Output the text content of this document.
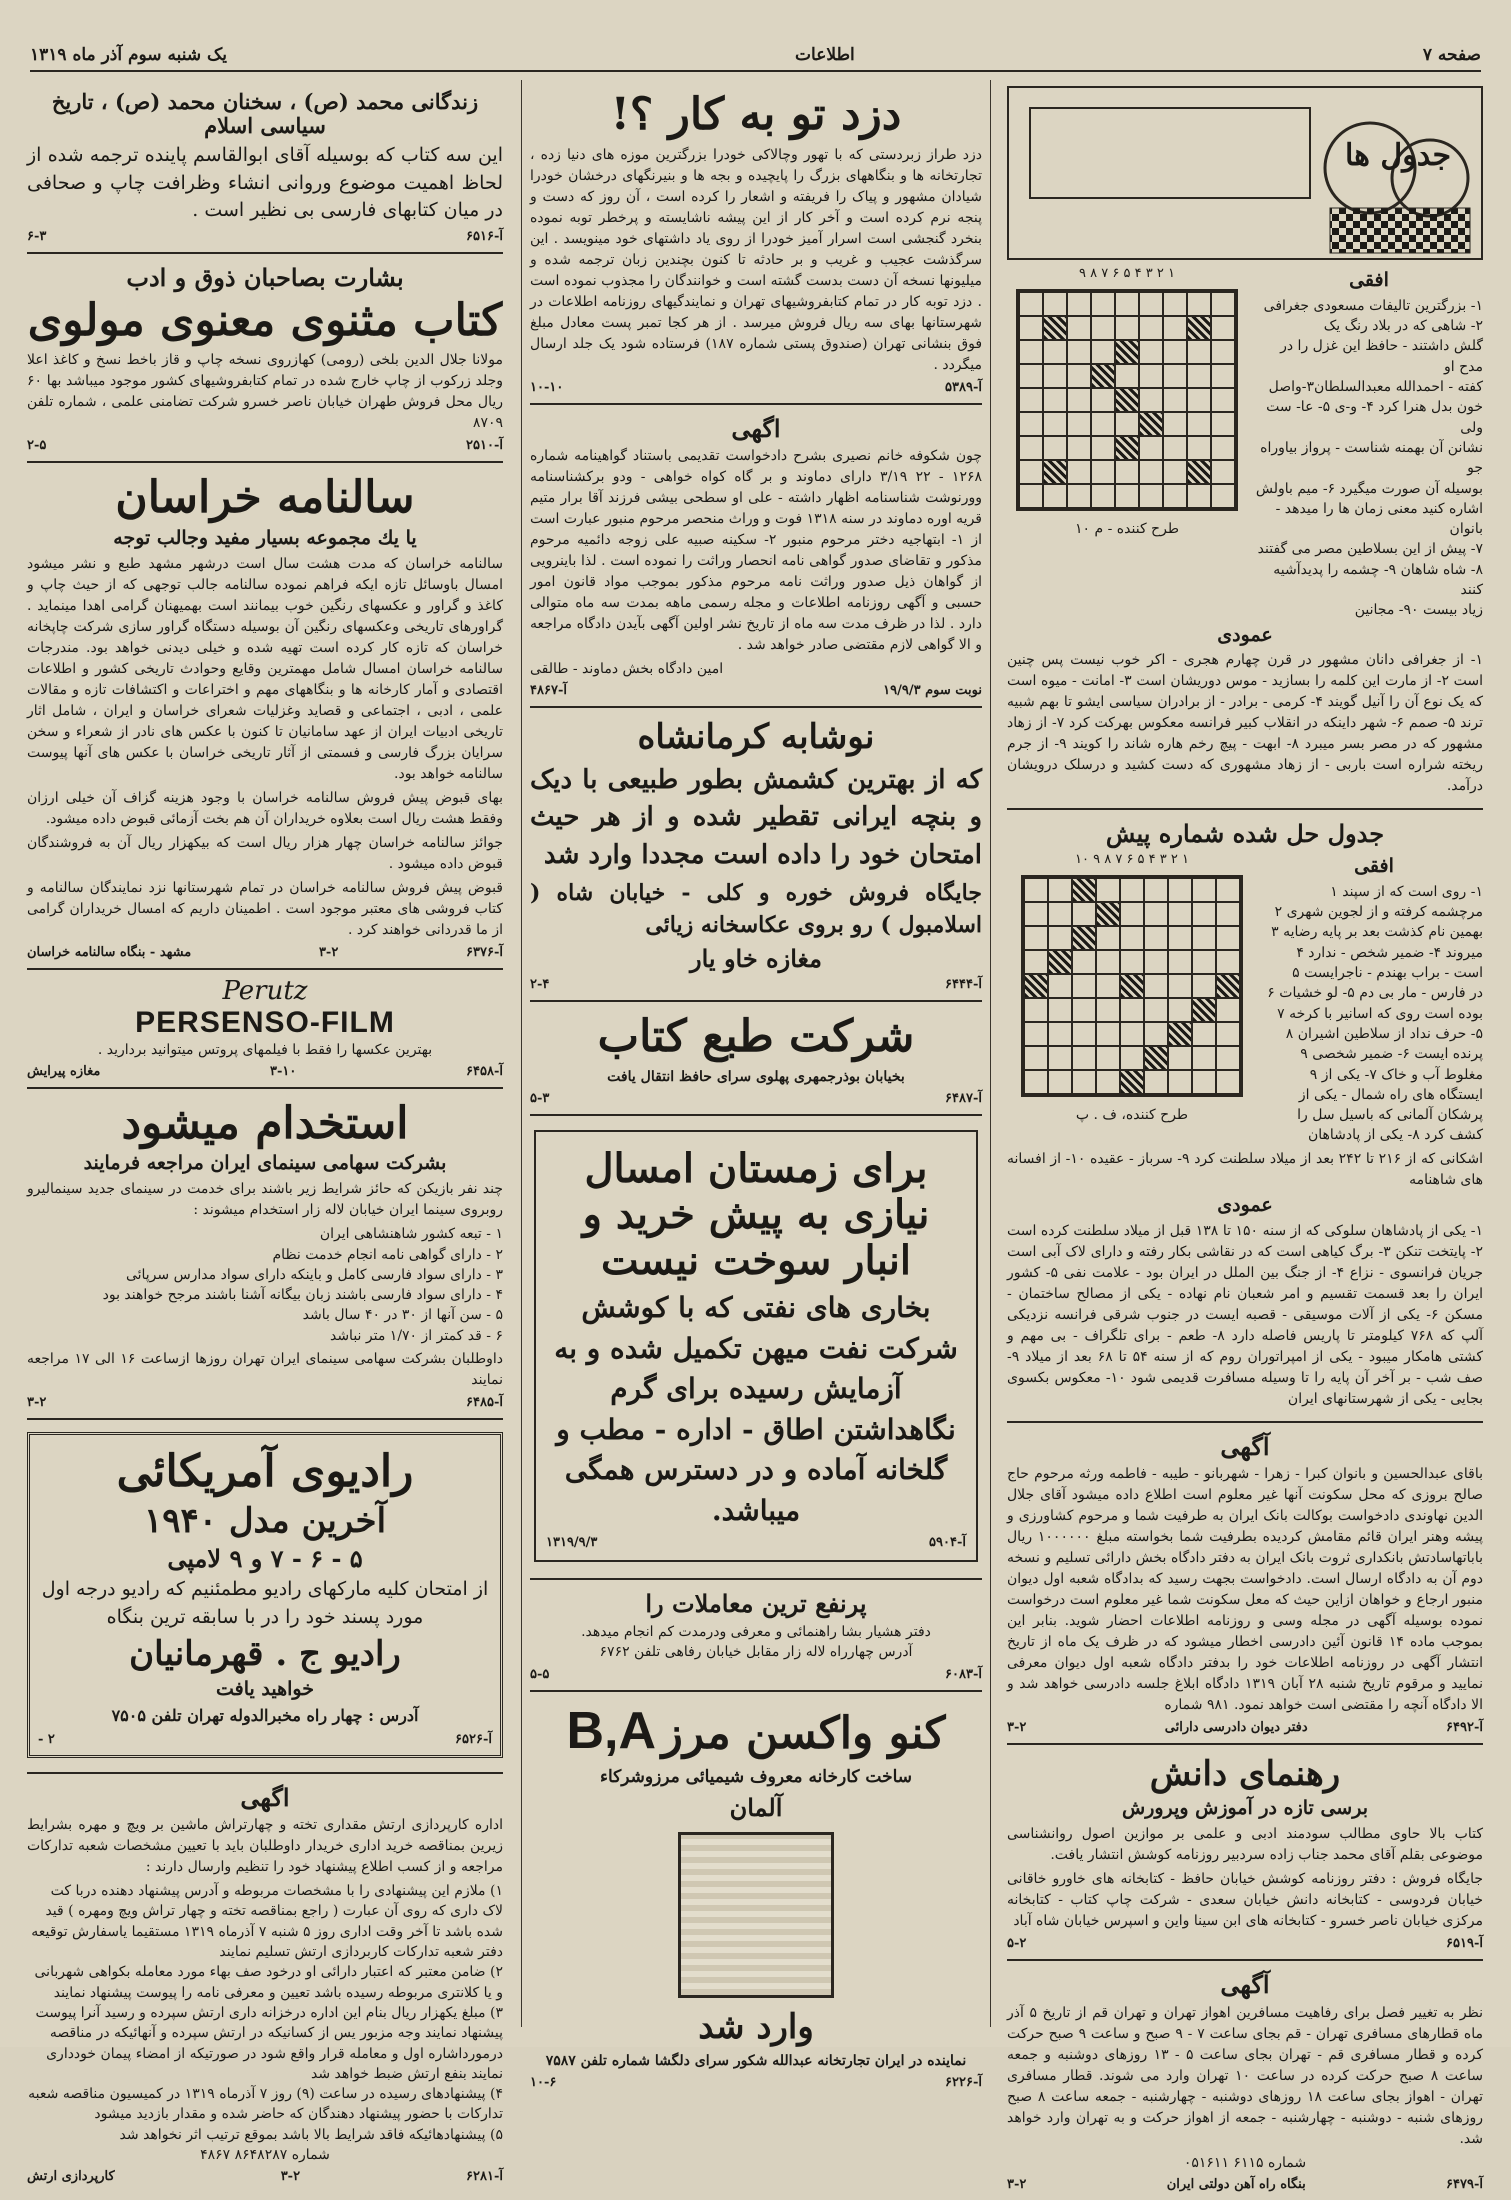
صفحه ۷
اطلاعات
یک شنبه سوم آذر ماه ۱۳۱۹
جدول ها
افقی
۱- بزرگترین تالیفات مسعودی جغرافی
۲- شاهی که در بلاد رنگ یک
گلش داشتند - حافظ این غزل را در مدح او
کفته - احمدالله معبدالسلطان۳-واصل
خون بدل هنرا کرد ۴- و-ی ۵- عا- ست ولی
نشانن آن بهمنه شناست - پرواز بیاوراه جو
بوسیله آن صورت میگیرد ۶- میم باولش
اشاره کنید معنی زمان ها را میدهد - بانوان
۷- پیش از این بسلاطین مصر می گفتند
۸- شاه شاهان ۹- چشمه را پدیدآشیه کنند
زیاد بیست ۹۰- مجانین
۹ ۸ ۷ ۶ ۵ ۴ ۳ ۲ ۱
طرح کننده - م ۱۰
عمودی
۱- از جغرافی دانان مشهور در قرن چهارم هجری - اکر خوب نیست پس چنین است ۲- از مارت این کلمه را بسازید - موس دوریشان است ۳- امانت - میوه است که یک نوع آن را آنیل گویند ۴- کرمی - برادر - از برادران سیاسی ایشو تا بهم شبیه ترند ۵- صمم ۶- شهر داینکه در انقلاب کبیر فرانسه معکوس بهرکت کرد ۷- از زهاد مشهور که در مصر بسر میبرد ۸- ابهت - پیچ رخم هاره شاند را کویند ۹- از جرم ریخته شراره است باربی - از زهاد مشهوری که دست کشید و درسلک درویشان درآمد.
جدول حل شده شماره پیش
افقی
۱- روی است که از سپند ۱
مرچشمه کرفته و از لجوین شهری ۲
بهمین نام کذشت بعد بر پایه رضایه ۳
میروند ۴- ضمیر شخص - ندارد ۴
است - براب بهندم - ناجرایست ۵
در فارس - مار بی دم ۵- لو خشیات ۶
بوده است روی که اسانیر با کرخه ۷
۵- حرف نداد از سلاطین اشیران ۸
پرنده ایست ۶- ضمیر شخصی ۹
مغلوط آب و خاک ۷- یکی از ۹
ایستگاه های راه شمال - یکی از
پرشکان آلمانی که باسیل سل را
کشف کرد ۸- یکی از پادشاهان
۱۰ ۹ ۸ ۷ ۶ ۵ ۴ ۳ ۲ ۱
طرح کننده، ف . پ
اشکانی که از ۲۱۶ تا ۲۴۲ بعد از میلاد سلطنت کرد ۹- سرباز - عقیده ۱۰- از افسانه های شاهنامه
عمودی
۱- یکی از پادشاهان سلوکی که از سنه ۱۵۰ تا ۱۳۸ قبل از میلاد سلطنت کرده است ۲- پایتخت تنکن ۳- برگ کیاهی است که در نقاشی بکار رفته و دارای لاک آبی است جریان فرانسوی - نزاع ۴- از جنگ بین الملل در ایران بود - علامت نفی ۵- کشور ایران را بعد قسمت تقسیم و امر شعبان نام نهاده - یکی از مصالح ساختمان - مسکن ۶- یکی از آلات موسیقی - قصبه ایست در جنوب شرقی فرانسه نزدیکی آلپ که ۷۶۸ کیلومتر تا پاریس فاصله دارد ۸- طعم - برای تلگراف - بی مهم و کشتی هامکار میبود - یکی از امپراتوران روم که از سنه ۵۴ تا ۶۸ بعد از میلاد ۹- صف شب - بر آخر آن پایه را تا وسیله مسافرت قدیمی شود ۱۰- معکوس بکسوی بجایی - یکی از شهرستانهای ایران
آگهی
باقای عبدالحسین و بانوان کبرا - زهرا - شهربانو - طیبه - فاطمه ورثه مرحوم حاج صالح بروزی که محل سکونت آنها غیر معلوم است اطلاع داده میشود آقای جلال الدین نهاوندی دادخواست بوکالت بانک ایران به طرفیت شما و مرحوم کشاورزی و پیشه وهنر ایران قائم مقامش کردیده بطرفیت شما بخواسته مبلغ ۱۰۰۰۰۰۰ ریال باباتهاسادتش بانکداری ثروت بانک ایران به دفتر دادگاه بخش دارائی تسلیم و نسخه دوم آن به دادگاه ارسال است. دادخواست بجهت رسید که بدادگاه شعبه اول دیوان منبور ارجاع و خواهان ازاین حیث که معل سکونت شما غیر معلوم است درخواست نموده بوسیله آگهی در مجله وسی و روزنامه اطلاعات احضار شوید. بنابر این بموجب ماده ۱۴ قانون آئین دادرسی اخطار میشود که در ظرف یک ماه از تاریخ انتشار آگهی در روزنامه اطلاعات خود را بدفتر دادگاه شعبه اول دیوان معرفی نمایید و مرقوم تاریخ شنبه ۲۸ آبان ۱۳۱۹ دادگاه ابلاغ جلسه دادرسی خواهد شد و الا دادگاه آنچه را مقتضی است خواهد نمود. ۹۸۱ شماره
آ-۶۴۹۲
دفتر دیوان دادرسی دارائی
۳-۲
رهنمای دانش
برسی تازه در آموزش وپرورش
کتاب بالا حاوی مطالب سودمند ادبی و علمی بر موازین اصول روانشناسی موضوعی بقلم آقای محمد جناب زاده سردبیر روزنامه کوشش انتشار یافت.
جایگاه فروش : دفتر روزنامه کوشش خیابان حافظ - کتابخانه های خاورو خاقانی خیابان فردوسی - کتابخانه دانش خیابان سعدی - شرکت چاپ کتاب - کتابخانه مرکزی خیابان ناصر خسرو - کتابخانه های ابن سینا واین و اسپرس خیابان شاه آباد
آ-۶۵۱۹
۵-۲
آگهی
نظر به تغییر فصل برای رفاهیت مسافرین اهواز تهران و تهران قم از تاریخ ۵ آذر ماه قطارهای مسافری تهران - قم بجای ساعت ۷ - ۹ صبح و ساعت ۹ صبح حرکت کرده و قطار مسافری قم - تهران بجای ساعت ۵ - ۱۳ روزهای دوشنبه و جمعه ساعت ۸ صبح حرکت کرده در ساعت ۱۰ تهران وارد می شوند. قطار مسافری تهران - اهواز بجای ساعت ۱۸ روزهای دوشنبه - چهارشنبه - جمعه ساعت ۸ صبح روزهای شنبه - دوشنبه - چهارشنبه - جمعه از اهواز حرکت و به تهران وارد خواهد شد.
شماره ۶۱۱۵ ۰۵۱۶۱۱
آ-۶۴۷۹
بنگاه راه آهن دولتی ایران
۳-۲
دزد تو به کار ؟!
دزد طراز زبردستی که با تهور وچالاکی خودرا بزرگترین موزه های دنیا زده ، تجارتخانه ها و بنگاههای بزرگ را پایچیده و بجه ها و بنیرنگهای درخشان خودرا شیادان مشهور و پیاک را فریفته و اشعار را کرده است ، آن روز که دست و پنجه نرم کرده است و آخر کار از این پیشه ناشایسته و پرخطر توبه نموده بنخرد گنجشی است اسرار آمیز خودرا از روی یاد داشتهای خود مینویسد . این سرگذشت عجیب و غریب و بر حادثه تا کنون بچندین زبان ترجمه شده و میلیونها نسخه آن دست بدست گشته است و خوانندگان را مجذوب نموده است . دزد توبه کار در تمام کتابفروشیهای تهران و نمایندگیهای روزنامه اطلاعات در شهرستانها بهای سه ریال فروش میرسد . از هر کجا تمبر پست معادل مبلغ فوق بنشانی تهران (صندوق پستی شماره ۱۸۷) فرستاده شود یک جلد ارسال میگردد .
آ-۵۳۸۹
۱۰-۱۰
اگهی
چون شکوفه خانم نصیری بشرح دادخواست تقدیمی باستناد گواهینامه شماره ۱۲۶۸ - ۲۲ ۳/۱۹ دارای دماوند و بر گاه کواه خواهی - ودو برکشناسنامه وورنوشت شناسنامه اظهار داشته - علی او سطحی بیشی فرزند آقا برار متیم قریه اوره دماوند در سنه ۱۳۱۸ فوت و وراث منحصر مرحوم منبور عبارت است از ۱- ابتهاجیه دختر مرحوم منبور ۲- سکینه صبیه علی زوجه دائمیه مرحوم مذکور و تقاضای صدور گواهی نامه انحصار وراثت را نموده است . لذا باینرویی از گواهان ذیل صدور وراثت نامه مرحوم مذکور بموجب مواد قانون امور حسبی و آگهی روزنامه اطلاعات و مجله رسمی ماهه بمدت سه ماه متوالی دارد . لذا در ظرف مدت سه ماه از تاریخ نشر اولین آگهی بآیدن دادگاه مراجعه و الا گواهی لازم مقتضی صادر خواهد شد .
امین دادگاه بخش دماوند - طالقی
نوبت سوم ۱۹/۹/۳
آ-۴۸۶۷
نوشابه کرمانشاه
که از بهترین کشمش بطور طبیعی با دیک و بنچه ایرانی تقطیر شده و از هر حیث امتحان خود را داده است مجددا وارد شد
جایگاه فروش خوره و کلی - خیابان شاه ( اسلامبول ) رو بروی عکاسخانه زیائی
مغازه خاو یار
آ-۶۴۴۴
۲-۴
شرکت طبع کتاب
بخیابان بوذرجمهری پهلوی سرای حافظ انتقال یافت
آ-۶۴۸۷
۵-۳
برای زمستان امسال نیازی به پیش خرید و انبار سوخت نیست
بخاری های نفتی که با کوشش شرکت نفت میهن تکمیل شده و به آزمایش رسیده برای گرم نگاهداشتن اطاق - اداره - مطب و گلخانه آماده و در دسترس همگی میباشد.
آ-۵۹۰۴
۱۳۱۹/۹/۳
پرنفع ترین معاملات را
دفتر هشیار بشا راهنمائی و معرفی ودرمدت کم انجام میدهد.
آدرس چهارراه لاله زار مقابل خیابان رفاهی تلفن ۶۷۶۲
آ-۶۰۸۳
۵-۵
کنو واکسن مرز B,A
ساخت کارخانه معروف شیمیائی مرزوشرکاء
آلمان
وارد شد
نماینده در ایران تجارتخانه عبدالله شکور سرای دلگشا شماره تلفن ۷۵۸۷
آ-۶۲۲۶
۱۰-۶
زندگانی محمد (ص) ، سخنان محمد (ص) ، تاریخ سیاسی اسلام
این سه کتاب که بوسیله آقای ابوالقاسم پاینده ترجمه شده از لحاظ اهمیت موضوع وروانی انشاء وظرافت چاپ و صحافی در میان کتابهای فارسی بی نظیر است .
آ-۶۵۱۶
۶-۳
بشارت بصاحبان ذوق و ادب
کتاب مثنوی معنوی مولوی
مولانا جلال الدین بلخی (رومی) کهازروی نسخه چاپ و قاز باخط نسخ و کاغذ اعلا وجلد زرکوب از چاپ خارج شده در تمام کتابفروشیهای کشور موجود میباشد بها ۶۰ ریال محل فروش طهران خیابان ناصر خسرو شرکت تضامنی علمی ، شماره تلفن ۸۷۰۹
آ-۲۵۱۰
۲-۵
سالنامه خراسان
یا یك مجموعه بسیار مفید وجالب توجه
سالنامه خراسان که مدت هشت سال است درشهر مشهد طبع و نشر میشود امسال باوسائل تازه ایکه فراهم نموده سالنامه جالب توجهی که از حیث چاپ و کاغذ و گراور و عکسهای رنگین خوب بیمانند است بهمیهنان گرامی اهدا مینماید . گراورهای تاریخی وعکسهای رنگین آن بوسیله دستگاه گراور سازی شرکت چاپخانه خراسان که تازه کار کرده است تهیه شده و خیلی دیدنی خواهد بود. مندرجات سالنامه خراسان امسال شامل مهمترین وقایع وحوادث تاریخی کشور و اطلاعات اقتصادی و آمار کارخانه ها و بنگاههای مهم و اختراعات و اکتشافات تازه و مقالات علمی ، ادبی ، اجتماعی و قصاید وغزلیات شعرای خراسان و ایران ، شامل اثار تاریخی ادبیات ایران از عهد سامانیان تا کنون با عکس های نادر از شعراء و سخن سرایان بزرگ فارسی و فسمتی از آثار تاریخی خراسان با عکس های آنها پیوست سالنامه خواهد بود.
بهای قبوض پیش فروش سالنامه خراسان با وجود هزینه گزاف آن خیلی ارزان وفقط هشت ریال است بعلاوه خریداران آن هم بخت آزمائی قبوض داده میشود.
جوائز سالنامه خراسان چهار هزار ریال است که بیکهزار ریال آن به فروشندگان قبوض داده میشود .
قبوض پیش فروش سالنامه خراسان در تمام شهرستانها نزد نمایندگان سالنامه و کتاب فروشی های معتبر موجود است . اطمینان داریم که امسال خریداران گرامی از ما قدردانی خواهند کرد .
آ-۶۳۷۶
۳-۲
مشهد - بنگاه سالنامه خراسان
Perutz
PERSENSO-FILM
بهترین عکسها را فقط با فیلمهای پروتس میتوانید بردارید .
آ-۶۴۵۸
۳-۱۰
مغازه پیرایش
استخدام میشود
بشرکت سهامی سینمای ایران مراجعه فرمایند
چند نفر بازیکن که حائز شرایط زیر باشند برای خدمت در سینمای جدید سینمالیرو روبروی سینما ایران خیابان لاله زار استخدام میشوند :
۱ - تبعه کشور شاهنشاهی ایران
۲ - دارای گواهی نامه انجام خدمت نظام
۳ - دارای سواد فارسی کامل و باینکه دارای سواد مدارس سرپائی
۴ - دارای سواد فارسی باشند زبان بیگانه آشنا باشند مرجح خواهند بود
۵ - سن آنها از ۳۰ در ۴۰ سال باشد
۶ - قد کمتر از ۱/۷۰ متر نباشد
داوطلبان بشرکت سهامی سینمای ایران تهران روزها ازساعت ۱۶ الی ۱۷ مراجعه نمایند
آ-۶۴۸۵
۳-۲
رادیوی آمریکائی
آخرین مدل ۱۹۴۰
۵ - ۶ - ۷ و ۹ لامپی
از امتحان کلیه مارکهای رادیو مطمئنیم که رادیو درجه اول مورد پسند خود را در با سابقه ترین بنگاه
رادیو ج . قهرمانیان
خواهید یافت
آدرس : چهار راه مخبرالدوله تهران تلفن ۷۵۰۵
آ-۶۵۲۶
۲ -
اگهی
اداره کارپردازی ارتش مقداری تخته و چهارتراش ماشین بر ویچ و مهره بشرایط زیرین بمناقصه خرید اداری خریدار داوطلبان باید با تعیین مشخصات شعبه تدارکات مراجعه و از کسب اطلاع پیشنهاد خود را تنظیم وارسال دارند :
۱) ملازم این پیشنهادی را با مشخصات مربوطه و آدرس پیشنهاد دهنده دربا کت لاک داری که روی آن عبارت ( راجع بمناقصه تخته و چهار تراش ویچ ومهره ) قید شده باشد تا آخر وقت اداری روز ۵ شنبه ۷ آذرماه ۱۳۱۹ مستقیما یاسفارش توقیعه دفتر شعبه تدارکات کاربردازی ارتش تسلیم نمایند
۲) ضامن معتبر که اعتبار دارائی او درخود صف بهاء مورد معامله بکواهی شهربانی و یا کلانتری مربوطه رسیده باشد تعیین و معرفی نامه را پیوست پیشنهاد نمایند
۳) مبلغ یکهزار ریال بنام این اداره درخزانه داری ارتش سپرده و رسید آنرا پیوست پیشنهاد نمایند وجه مزبور یس از کسانیکه در ارتش سپرده و آنهائیکه در مناقصه درمورداشاره اول و معامله قرار واقع شود در صورتیکه از امضاء پیمان خودداری نمایند بنفع ارتش ضبط خواهد شد
۴) پیشنهادهای رسیده در ساعت (۹) روز ۷ آذرماه ۱۳۱۹ در کمیسیون مناقصه شعبه تدارکات با حضور پیشنهاد دهندگان که حاضر شده و مقدار بازدید میشود
۵) پیشنهادهائیکه فاقد شرایط بالا باشد بموقع ترتیب اثر نخواهد شد
شماره ۸۶۴۸۲۸۷ ۴۸۶۷
آ-۶۲۸۱
۳-۲
کارپردازی ارتش
